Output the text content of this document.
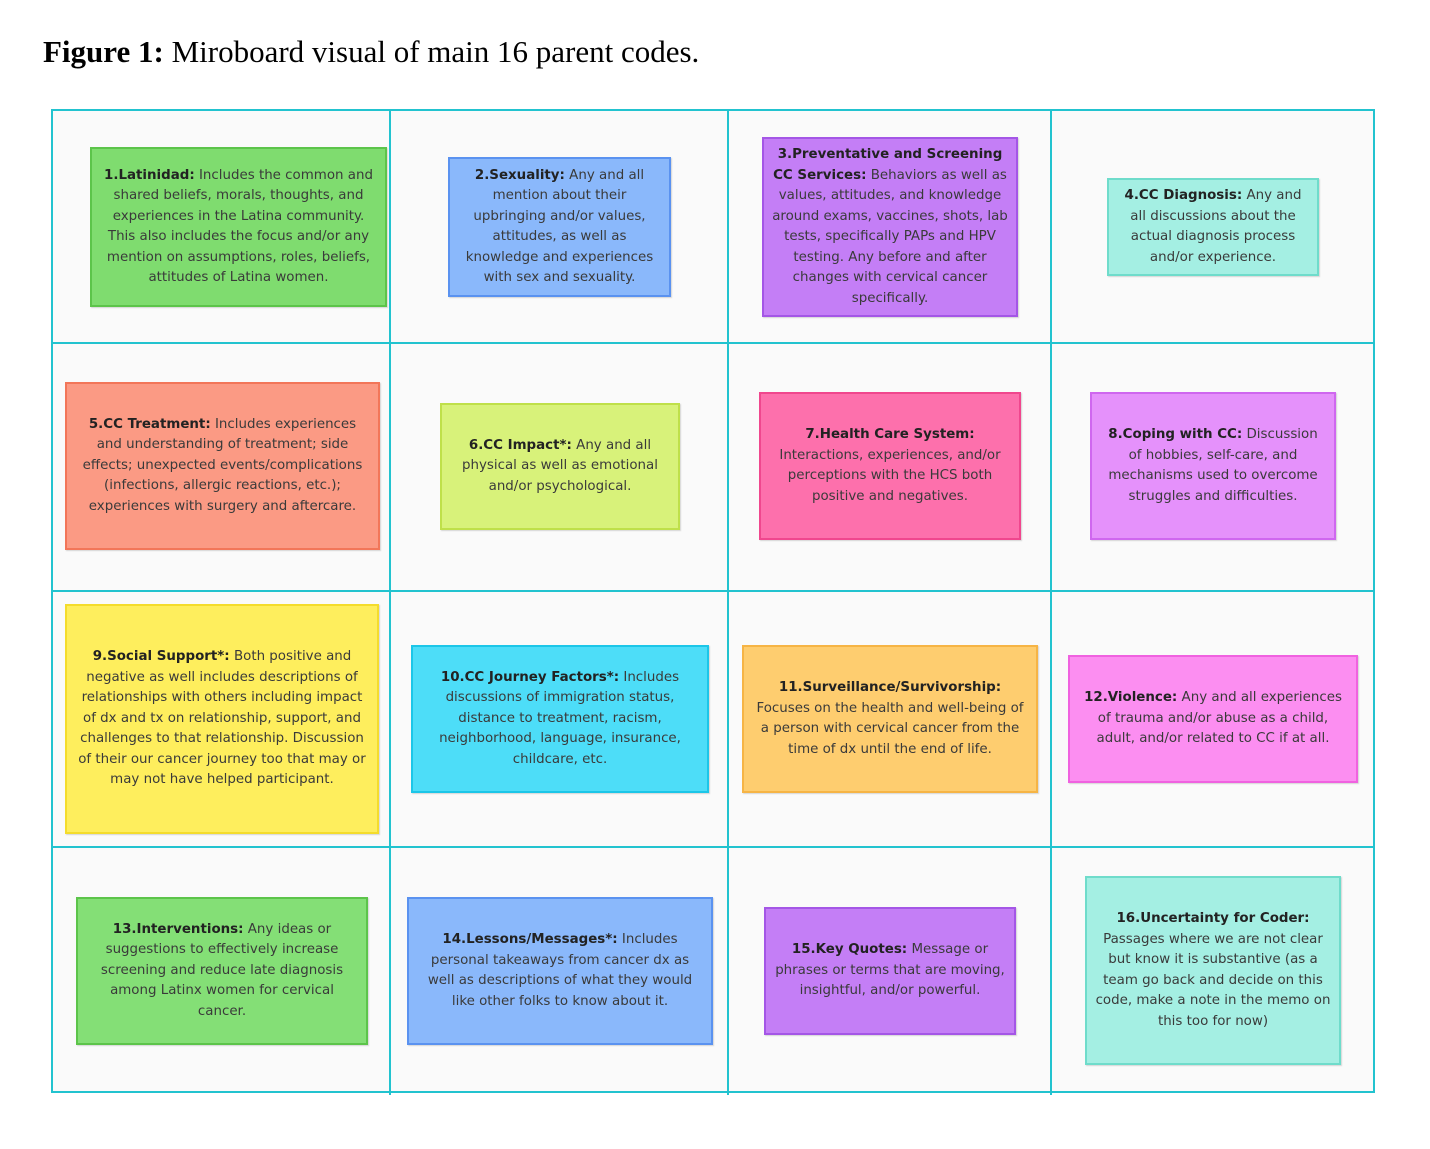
Figure 1: Miroboard visual of main 16 parent codes.
1.Latinidad: Includes the common and shared beliefs, morals, thoughts, and experiences in the Latina community. This also includes the focus and/or any mention on assumptions, roles, beliefs, attitudes of Latina women.
2.Sexuality: Any and all mention about their upbringing and/or values, attitudes, as well as knowledge and experiences with sex and sexuality.
3.Preventative and Screening CC Services: Behaviors as well as values, attitudes, and knowledge around exams, vaccines, shots, lab tests, specifically PAPs and HPV testing. Any before and after changes with cervical cancer specifically.
4.CC Diagnosis: Any and all discussions about the actual diagnosis process and/or experience.
5.CC Treatment: Includes experiences and understanding of treatment; side effects; unexpected events/complications (infections, allergic reactions, etc.); experiences with surgery and aftercare.
6.CC Impact*: Any and all physical as well as emotional and/or psychological.
7.Health Care System: Interactions, experiences, and/or perceptions with the HCS both positive and negatives.
8.Coping with CC: Discussion of hobbies, self-care, and mechanisms used to overcome struggles and difficulties.
9.Social Support*: Both positive and negative as well includes descriptions of relationships with others including impact of dx and tx on relationship, support, and challenges to that relationship. Discussion of their our cancer journey too that may or may not have helped participant.
10.CC Journey Factors*: Includes discussions of immigration status, distance to treatment, racism, neighborhood, language, insurance, childcare, etc.
11.Surveillance/Survivorship: Focuses on the health and well-being of a person with cervical cancer from the time of dx until the end of life.
12.Violence: Any and all experiences of trauma and/or abuse as a child, adult, and/or related to CC if at all.
13.Interventions: Any ideas or suggestions to effectively increase screening and reduce late diagnosis among Latinx women for cervical cancer.
14.Lessons/Messages*: Includes personal takeaways from cancer dx as well as descriptions of what they would like other folks to know about it.
15.Key Quotes: Message or phrases or terms that are moving, insightful, and/or powerful.
16.Uncertainty for Coder: Passages where we are not clear but know it is substantive (as a team go back and decide on this code, make a note in the memo on this too for now)
